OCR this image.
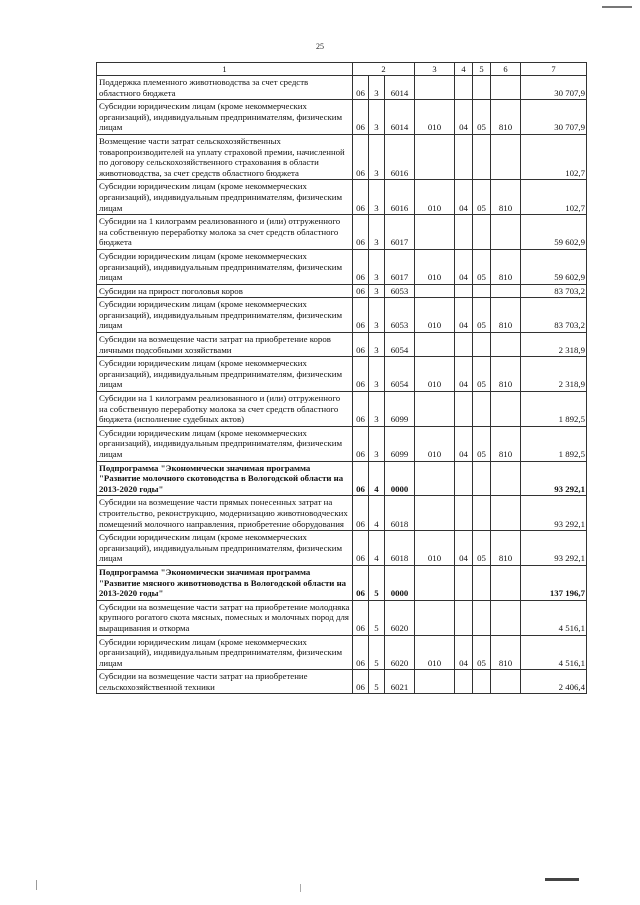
25
1	2			3	4	5	6	7
Поддержка племенного животноводства за счет средств областного бюджета	06	3	6014					30 707,9
Субсидии юридическим лицам (кроме некоммерческих организаций), индивидуальным предпринимателям, физическим лицам	06	3	6014	010	04	05	810	30 707,9
Возмещение части затрат сельскохозяйственных товаропроизводителей на уплату страховой премии, начисленной по договору сельскохозяйственного страхования в области животноводства, за счет средств областного бюджета	06	3	6016					102,7
Субсидии юридическим лицам (кроме некоммерческих организаций), индивидуальным предпринимателям, физическим лицам	06	3	6016	010	04	05	810	102,7
Субсидии на 1 килограмм реализованного и (или) отгруженного на собственную переработку молока за счет средств областного бюджета	06	3	6017					59 602,9
Субсидии юридическим лицам (кроме некоммерческих организаций), индивидуальным предпринимателям, физическим лицам	06	3	6017	010	04	05	810	59 602,9
Субсидии на прирост поголовья коров	06	3	6053					83 703,2
Субсидии юридическим лицам (кроме некоммерческих организаций), индивидуальным предпринимателям, физическим лицам	06	3	6053	010	04	05	810	83 703,2
Субсидии на возмещение части затрат на приобретение коров личными подсобными хозяйствами	06	3	6054					2 318,9
Субсидии юридическим лицам (кроме некоммерческих организаций), индивидуальным предпринимателям, физическим лицам	06	3	6054	010	04	05	810	2 318,9
Субсидии на 1 килограмм реализованного и (или) отгруженного на собственную переработку молока за счет средств областного бюджета (исполнение судебных актов)	06	3	6099					1 892,5
Субсидии юридическим лицам (кроме некоммерческих организаций), индивидуальным предпринимателям, физическим лицам	06	3	6099	010	04	05	810	1 892,5
Подпрограмма "Экономически значимая программа "Развитие молочного скотоводства в Вологодской области на 2013-2020 годы"	06	4	0000					93 292,1
Субсидии на возмещение части прямых понесенных затрат на строительство, реконструкцию, модернизацию животноводческих помещений молочного направления, приобретение оборудования	06	4	6018					93 292,1
Субсидии юридическим лицам (кроме некоммерческих организаций), индивидуальным предпринимателям, физическим лицам	06	4	6018	010	04	05	810	93 292,1
Подпрограмма "Экономически значимая программа "Развитие мясного животноводства в Вологодской области на 2013-2020 годы"	06	5	0000					137 196,7
Субсидии на возмещение части затрат на приобретение молодняка крупного рогатого скота мясных, помесных и молочных пород для выращивания и откорма	06	5	6020					4 516,1
Субсидии юридическим лицам (кроме некоммерческих организаций), индивидуальным предпринимателям, физическим лицам	06	5	6020	010	04	05	810	4 516,1
Субсидии на возмещение части затрат на приобретение сельскохозяйственной техники	06	5	6021					2 406,4
